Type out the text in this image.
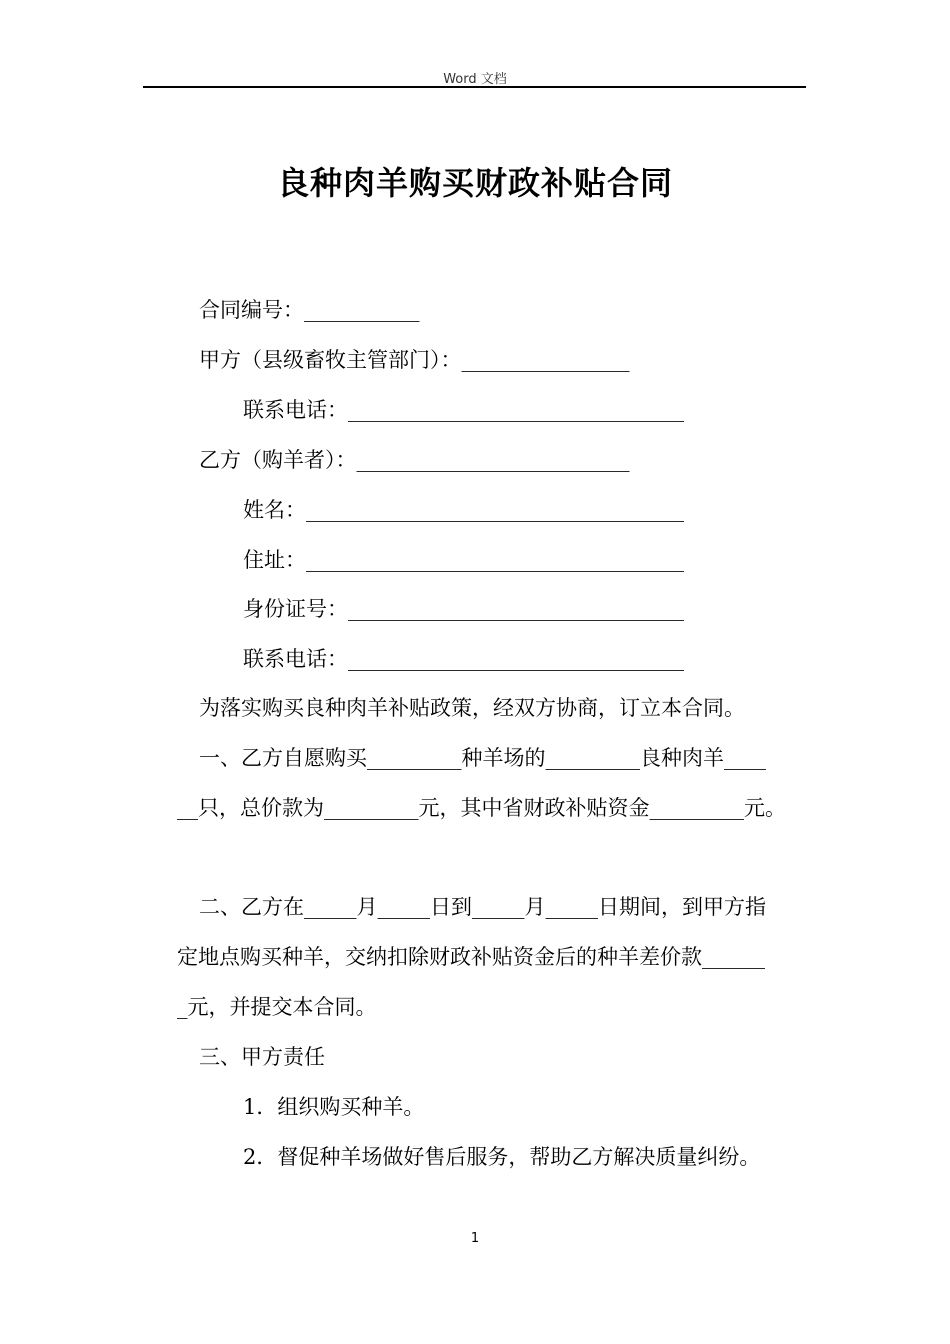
Word 文档
良种肉羊购买财政补贴合同
合同编号：___________
甲方（县级畜牧主管部门）：________________
联系电话：________________________________
乙方（购羊者）：__________________________
姓名：____________________________________
住址：____________________________________
身份证号：________________________________
联系电话：________________________________
为落实购买良种肉羊补贴政策，经双方协商，订立本合同。
一、乙方自愿购买_________种羊场的_________良种肉羊____
__只，总价款为_________元，其中省财政补贴资金_________元。
二、乙方在_____月_____日到_____月_____日期间，到甲方指
定地点购买种羊，交纳扣除财政补贴资金后的种羊差价款______
_元，并提交本合同。
三、甲方责任
1．组织购买种羊。
2．督促种羊场做好售后服务，帮助乙方解决质量纠纷。
1
